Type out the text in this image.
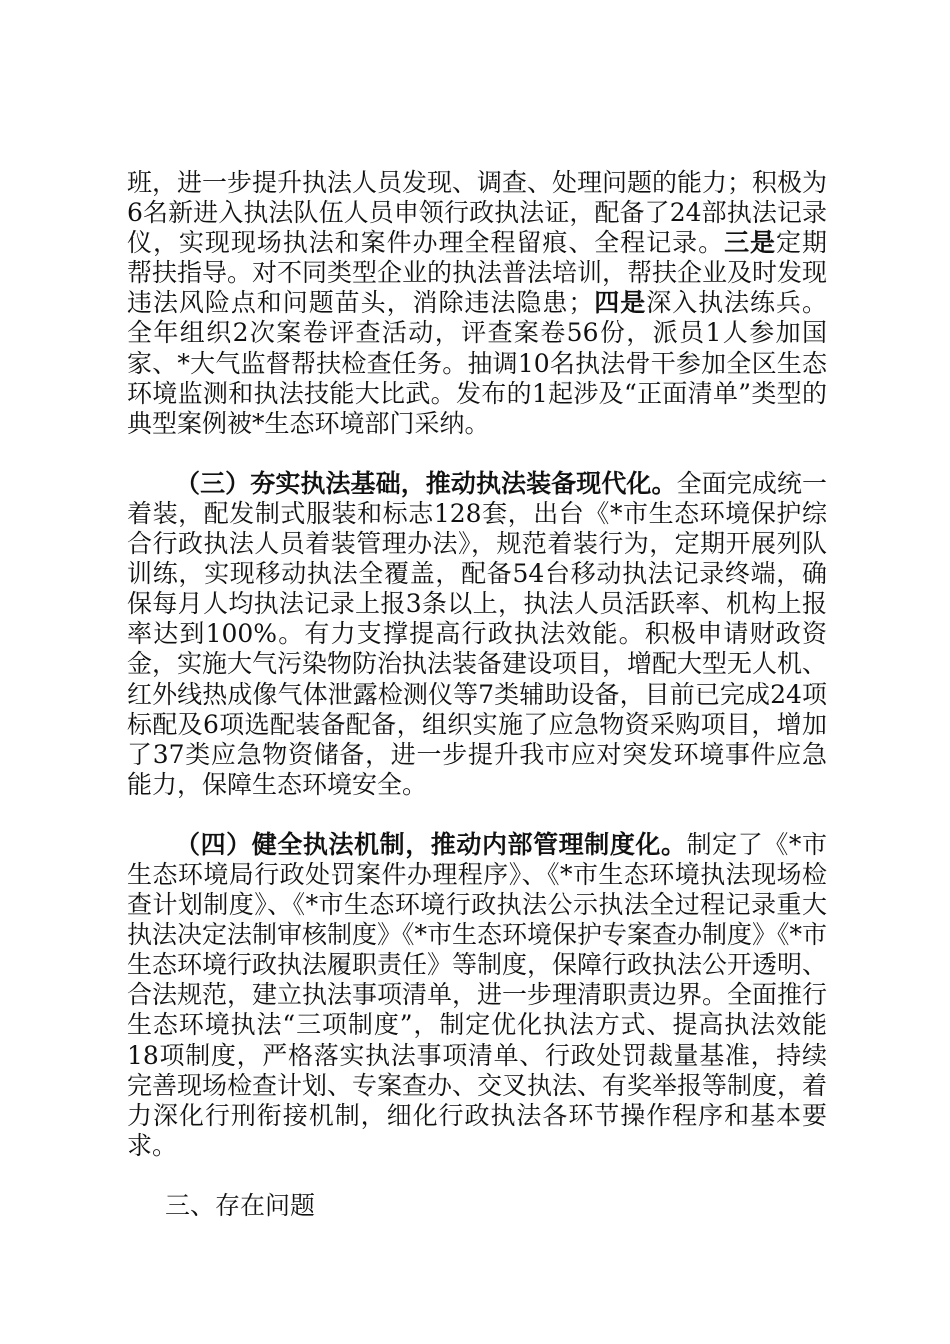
班，进一步提升执法人员发现、调查、处理问题的能力；积极为6名新进入执法队伍人员申领行政执法证，配备了24部执法记录仪，实现现场执法和案件办理全程留痕、全程记录。三是定期帮扶指导。对不同类型企业的执法普法培训，帮扶企业及时发现违法风险点和问题苗头，消除违法隐患；四是深入执法练兵。全年组织2次案卷评查活动，评查案卷56份，派员1人参加国家、*大气监督帮扶检查任务。抽调10名执法骨干参加全区生态环境监测和执法技能大比武。发布的1起涉及“正面清单”类型的典型案例被*生态环境部门采纳。

（三）夯实执法基础，推动执法装备现代化。全面完成统一着装，配发制式服装和标志128套，出台《*市生态环境保护综合行政执法人员着装管理办法》，规范着装行为，定期开展列队训练，实现移动执法全覆盖，配备54台移动执法记录终端，确保每月人均执法记录上报3条以上，执法人员活跃率、机构上报率达到100%。有力支撑提高行政执法效能。积极申请财政资金，实施大气污染物防治执法装备建设项目，增配大型无人机、红外线热成像气体泄露检测仪等7类辅助设备，目前已完成24项标配及6项选配装备配备，组织实施了应急物资采购项目，增加了37类应急物资储备，进一步提升我市应对突发环境事件应急能力，保障生态环境安全。

（四）健全执法机制，推动内部管理制度化。制定了《*市生态环境局行政处罚案件办理程序》、《*市生态环境执法现场检查计划制度》、《*市生态环境行政执法公示执法全过程记录重大执法决定法制审核制度》《*市生态环境保护专案查办制度》《*市生态环境行政执法履职责任》等制度，保障行政执法公开透明、合法规范，建立执法事项清单，进一步理清职责边界。全面推行生态环境执法“三项制度”，制定优化执法方式、提高执法效能18项制度，严格落实执法事项清单、行政处罚裁量基准，持续完善现场检查计划、专案查办、交叉执法、有奖举报等制度，着力深化行刑衔接机制，细化行政执法各环节操作程序和基本要求。

三、存在问题
